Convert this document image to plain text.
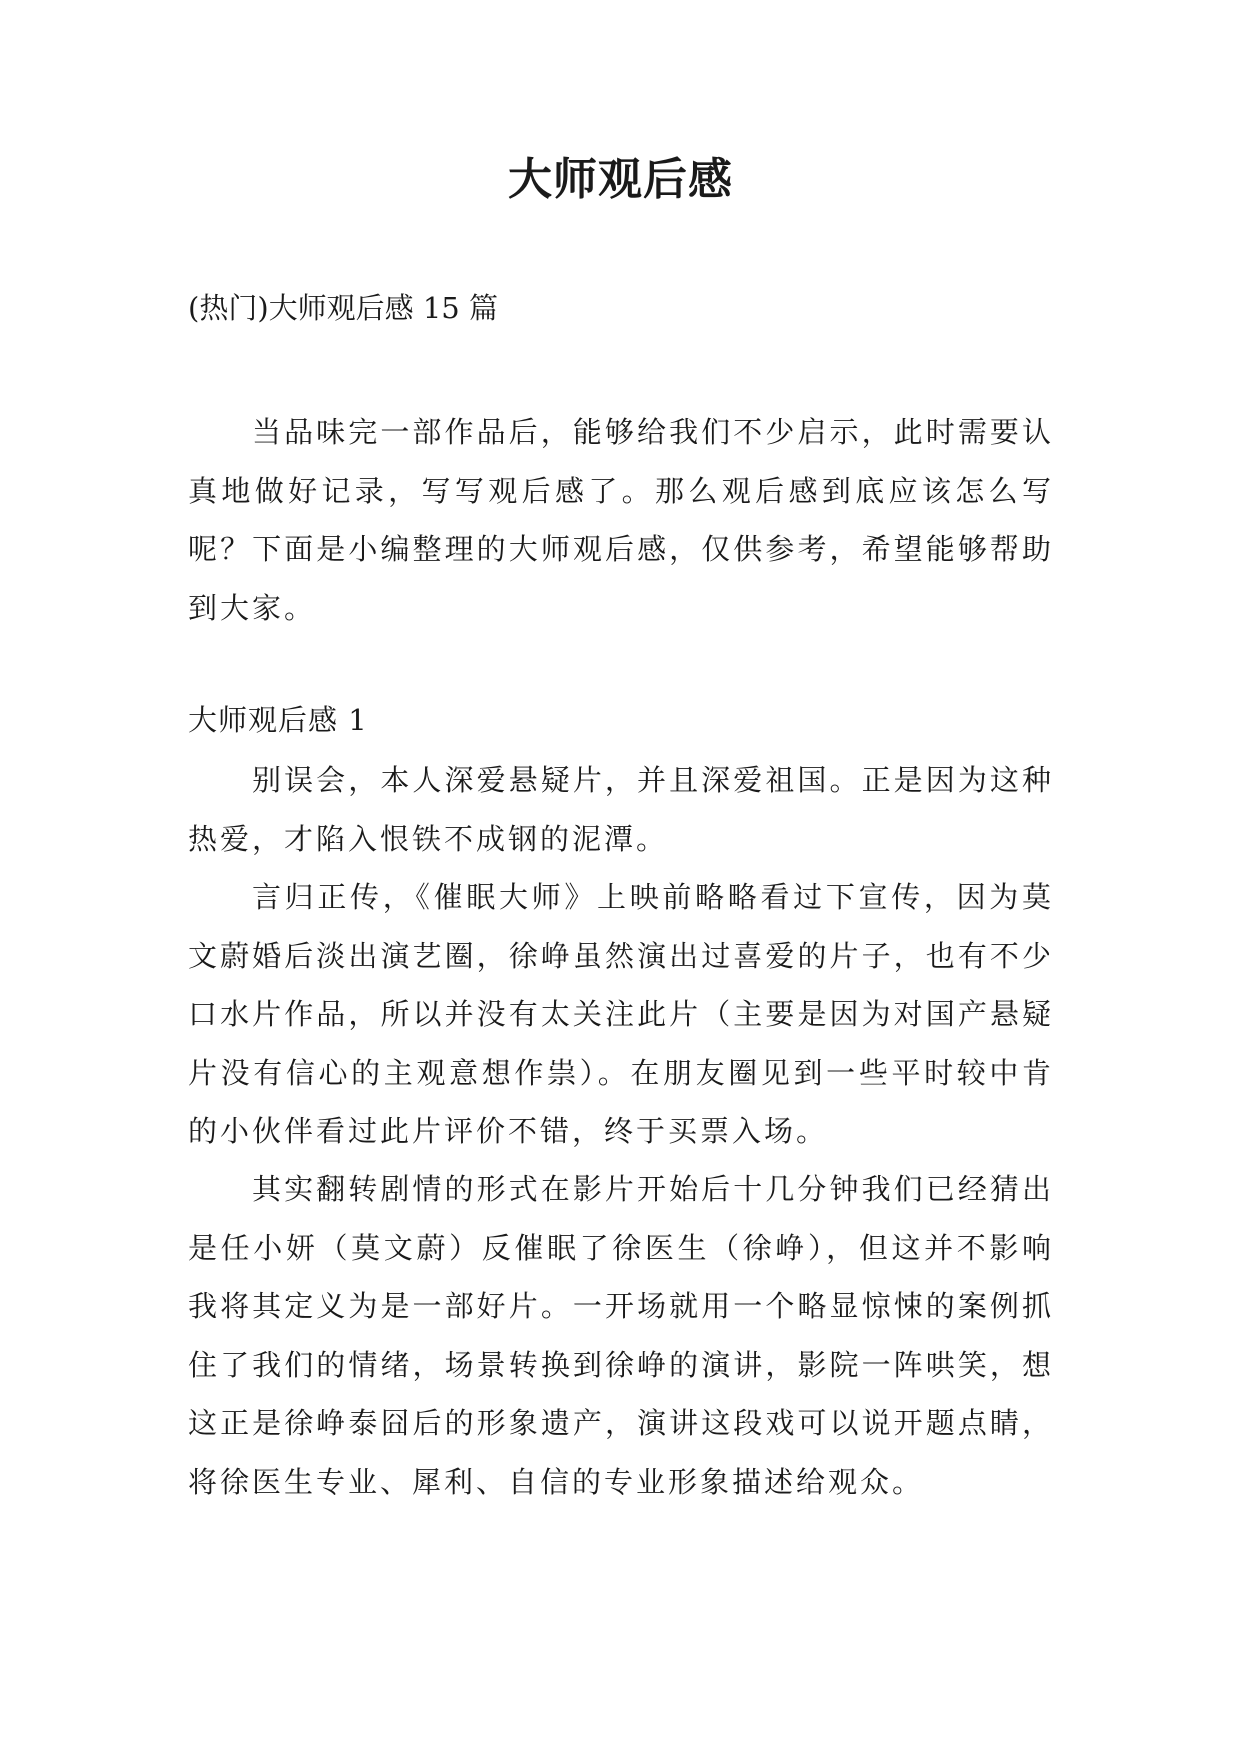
大师观后感

(热门)大师观后感 15 篇

当品味完一部作品后，能够给我们不少启示，此时需要认真地做好记录，写写观后感了。那么观后感到底应该怎么写呢？下面是小编整理的大师观后感，仅供参考，希望能够帮助到大家。

大师观后感 1

别误会，本人深爱悬疑片，并且深爱祖国。正是因为这种热爱，才陷入恨铁不成钢的泥潭。

言归正传，《催眠大师》上映前略略看过下宣传，因为莫文蔚婚后淡出演艺圈，徐峥虽然演出过喜爱的片子，也有不少口水片作品，所以并没有太关注此片（主要是因为对国产悬疑片没有信心的主观意想作祟）。在朋友圈见到一些平时较中肯的小伙伴看过此片评价不错，终于买票入场。

其实翻转剧情的形式在影片开始后十几分钟我们已经猜出是任小妍（莫文蔚）反催眠了徐医生（徐峥），但这并不影响我将其定义为是一部好片。一开场就用一个略显惊悚的案例抓住了我们的情绪，场景转换到徐峥的演讲，影院一阵哄笑，想这正是徐峥泰囧后的形象遗产，演讲这段戏可以说开题点睛，将徐医生专业、犀利、自信的专业形象描述给观众。
